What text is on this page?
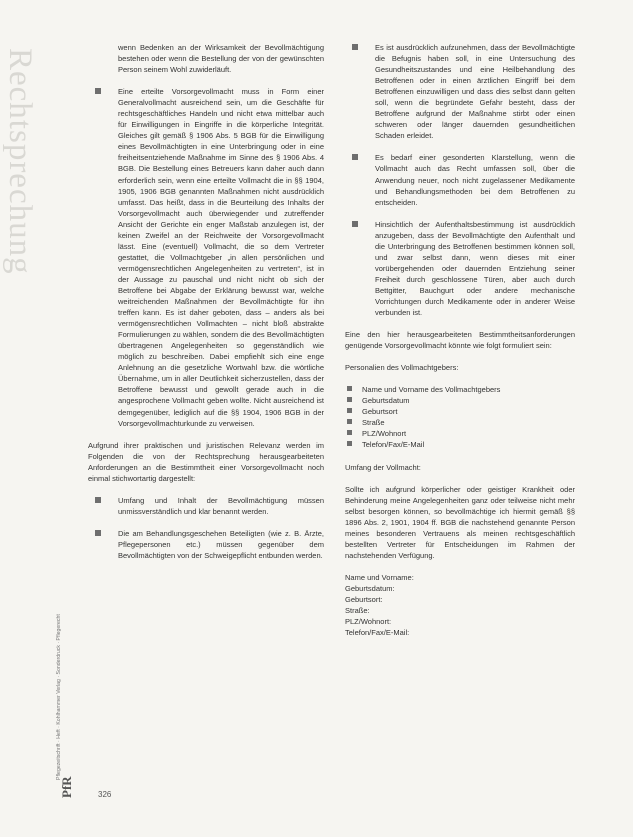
Rechtsprechung
Pflegezeitschrift · Heft · Kohlhammer Verlag · Sonderdruck · Pflegerecht
PfR

wenn Bedenken an der Wirksamkeit der Bevollmächtigung bestehen oder wenn die Bestellung der von der gewünschten Person seinem Wohl zuwiderläuft.

Eine erteilte Vorsorgevollmacht muss in Form einer Generalvollmacht ausreichend sein, um die Geschäfte für rechtsgeschäftliches Handeln und nicht etwa mittelbar auch für Einwilligungen in Eingriffe in die körperliche Integrität. Gleiches gilt gemäß § 1906 Abs. 5 BGB für die Einwilligung eines Bevollmächtigten in eine Unterbringung oder in eine freiheitsentziehende Maßnahme im Sinne des § 1906 Abs. 4 BGB. Die Bestellung eines Betreuers kann daher auch dann erforderlich sein, wenn eine erteilte Vollmacht die in §§ 1904, 1905, 1906 BGB genannten Maßnahmen nicht ausdrücklich umfasst. Das heißt, dass in die Beurteilung des Inhalts der Vorsorgevollmacht auch überwiegender und zutreffender Ansicht der Gerichte ein enger Maßstab anzulegen ist, der keinen Zweifel an der Reichweite der Vorsorgevollmacht lässt. Eine (eventuell) Vollmacht, die so dem Vertreter gestattet, die Vollmachtgeber „in allen persönlichen und vermögensrechtlichen Angelegenheiten zu vertreten“, ist in der Aussage zu pauschal und nicht nicht ob sich der Betroffene bei Abgabe der Erklärung bewusst war, welche weitreichenden Maßnahmen der Bevollmächtigte für ihn treffen kann. Es ist daher geboten, dass – anders als bei vermögensrechtlichen Vollmachten – nicht bloß abstrakte Formulierungen zu wählen, sondern die des Bevollmächtigten übertragenen Angelegenheiten so gegenständlich wie möglich zu beschreiben. Dabei empfiehlt sich eine enge Anlehnung an die gesetzliche Wortwahl bzw. die wörtliche Übernahme, um in aller Deutlichkeit sicherzustellen, dass der Betroffene bewusst und gewollt gerade auch in die angesprochene Vollmacht geben wollte. Nicht ausreichend ist demgegenüber, lediglich auf die §§ 1904, 1906 BGB in der Vorsorgevollmachturkunde zu verweisen.

Aufgrund ihrer praktischen und juristischen Relevanz werden im Folgenden die von der Rechtsprechung herausgearbeiteten Anforderungen an die Bestimmtheit einer Vorsorgevollmacht noch einmal stichwortartig dargestellt:

Umfang und Inhalt der Bevollmächtigung müssen unmissverständlich und klar benannt werden.

Die am Behandlungsgeschehen Beteiligten (wie z. B. Ärzte, Pflegepersonen etc.) müssen gegenüber dem Bevollmächtigten von der Schweigepflicht entbunden werden.

Es ist ausdrücklich aufzunehmen, dass der Bevollmächtigte die Befugnis haben soll, in eine Untersuchung des Gesundheitszustandes und eine Heilbehandlung des Betroffenen oder in einen ärztlichen Eingriff bei dem Betroffenen einzuwilligen und dass dies selbst dann gelten soll, wenn die begründete Gefahr besteht, dass der Betroffene aufgrund der Maßnahme stirbt oder einen schweren oder länger dauernden gesundheitlichen Schaden erleidet.

Es bedarf einer gesonderten Klarstellung, wenn die Vollmacht auch das Recht umfassen soll, über die Anwendung neuer, noch nicht zugelassener Medikamente und Behandlungsmethoden bei dem Betroffenen zu entscheiden.

Hinsichtlich der Aufenthaltsbestimmung ist ausdrücklich anzugeben, dass der Bevollmächtigte den Aufenthalt und die Unterbringung des Betroffenen bestimmen können soll, und zwar selbst dann, wenn dieses mit einer vorübergehenden oder dauernden Entziehung seiner Freiheit durch geschlossene Türen, aber auch durch Bettgitter, Bauchgurt oder andere mechanische Vorrichtungen durch Medikamente oder in anderer Weise verbunden ist.

Eine den hier herausgearbeiteten Bestimmtheitsanforderungen genügende Vorsorgevollmacht könnte wie folgt formuliert sein:

Personalien des Vollmachtgebers:

Name und Vorname des Vollmachtgebers

Geburtsdatum

Geburtsort

Straße

PLZ/Wohnort

Telefon/Fax/E-Mail

Umfang der Vollmacht:

Sollte ich aufgrund körperlicher oder geistiger Krankheit oder Behinderung meine Angelegenheiten ganz oder teilweise nicht mehr selbst besorgen können, so bevollmächtige ich hiermit gemäß §§ 1896 Abs. 2, 1901, 1904 ff. BGB die nachstehend genannte Person meines besonderen Vertrauens als meinen rechtsgeschäftlich bestellten Vertreter für Entscheidungen im Rahmen der nachstehenden Verfügung.

Name und Vorname:

Geburtsdatum:

Geburtsort:

Straße:

PLZ/Wohnort:

Telefon/Fax/E-Mail:

326
